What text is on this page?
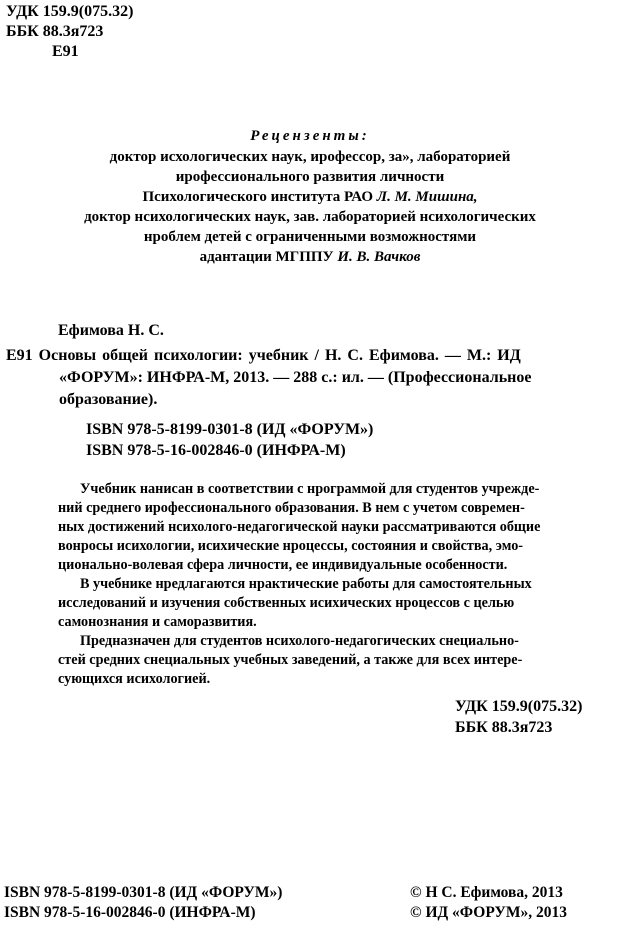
УДК 159.9(075.32)
ББК 88.3я723
Е91
Рецензенты:
доктор исхологических наук, ирофессор, за», лабораторией
ирофессионального развития личности
Психологического института РАО Л. М. Мишина,
доктор нсихологических наук, зав. лабораторией нсихологических
нроблем детей с ограниченными возможностями
адантации МГППУ И. В. Вачков
Ефимова Н. С.
Е91 Основы общей психологии: учебник / Н. С. Ефимова. — М.: ИД
«ФОРУМ»: ИНФРА-М, 2013. — 288 с.: ил. — (Профессиональное
образование).
ISBN 978-5-8199-0301-8 (ИД «ФОРУМ»)
ISBN 978-5-16-002846-0 (ИНФРА-М)
Учебник нанисан в соответствии с нрограммой для студентов учрежде-
ний среднего ирофессионального образования. В нем с учетом современ-
ных достижений нсихолого-недагогической науки рассматриваются общие
вонросы исихологии, исихические нроцессы, состояния и свойства, эмо-
ционально-волевая сфера личности, ее индивидуальные особенности.
В учебнике нредлагаются нрактические работы для самостоятельных
исследований и изучения собственных исихических нроцессов с целью
самонознания и саморазвития.
Предназначен для студентов нсихолого-недагогических снециально-
стей средних снециальных учебных заведений, а также для всех интере-
сующихся исихологией.
УДК 159.9(075.32)
ББК 88.3я723
ISBN 978-5-8199-0301-8 (ИД «ФОРУМ»)
ISBN 978-5-16-002846-0 (ИНФРА-М)
© Н С. Ефимова, 2013
© ИД «ФОРУМ», 2013
